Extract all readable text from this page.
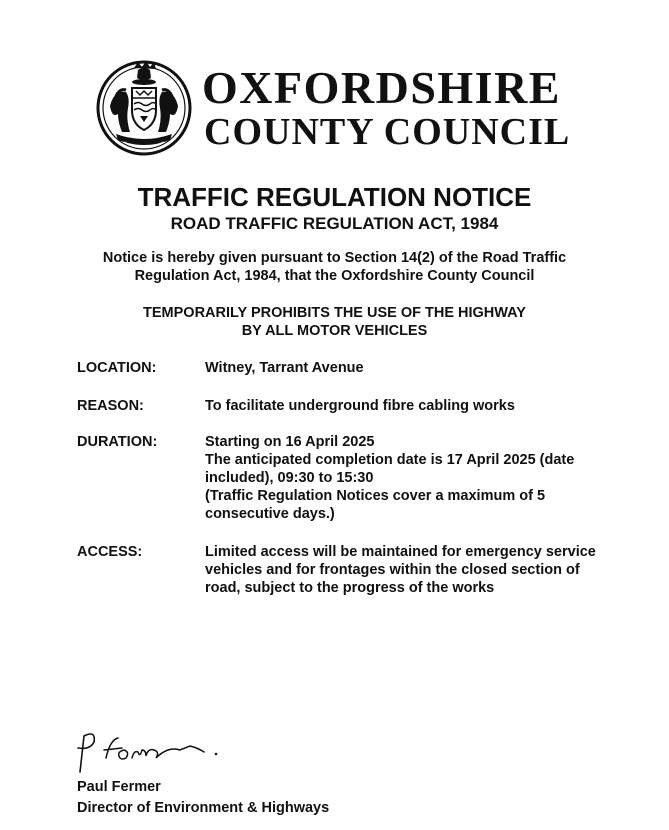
OXFORDSHIRE
COUNTY COUNCIL
TRAFFIC REGULATION NOTICE
ROAD TRAFFIC REGULATION ACT, 1984
Notice is hereby given pursuant to Section 14(2) of the Road Traffic
Regulation Act, 1984, that the Oxfordshire County Council
TEMPORARILY PROHIBITS THE USE OF THE HIGHWAY
BY ALL MOTOR VEHICLES
LOCATION:	Witney, Tarrant Avenue
REASON:	To facilitate underground fibre cabling works
DURATION:	Starting on 16 April 2025
The anticipated completion date is 17 April 2025 (date
included), 09:30 to 15:30
(Traffic Regulation Notices cover a maximum of 5
consecutive days.)
ACCESS:	Limited access will be maintained for emergency service
vehicles and for frontages within the closed section of
road, subject to the progress of the works
Paul Fermer
Director of Environment & Highways
